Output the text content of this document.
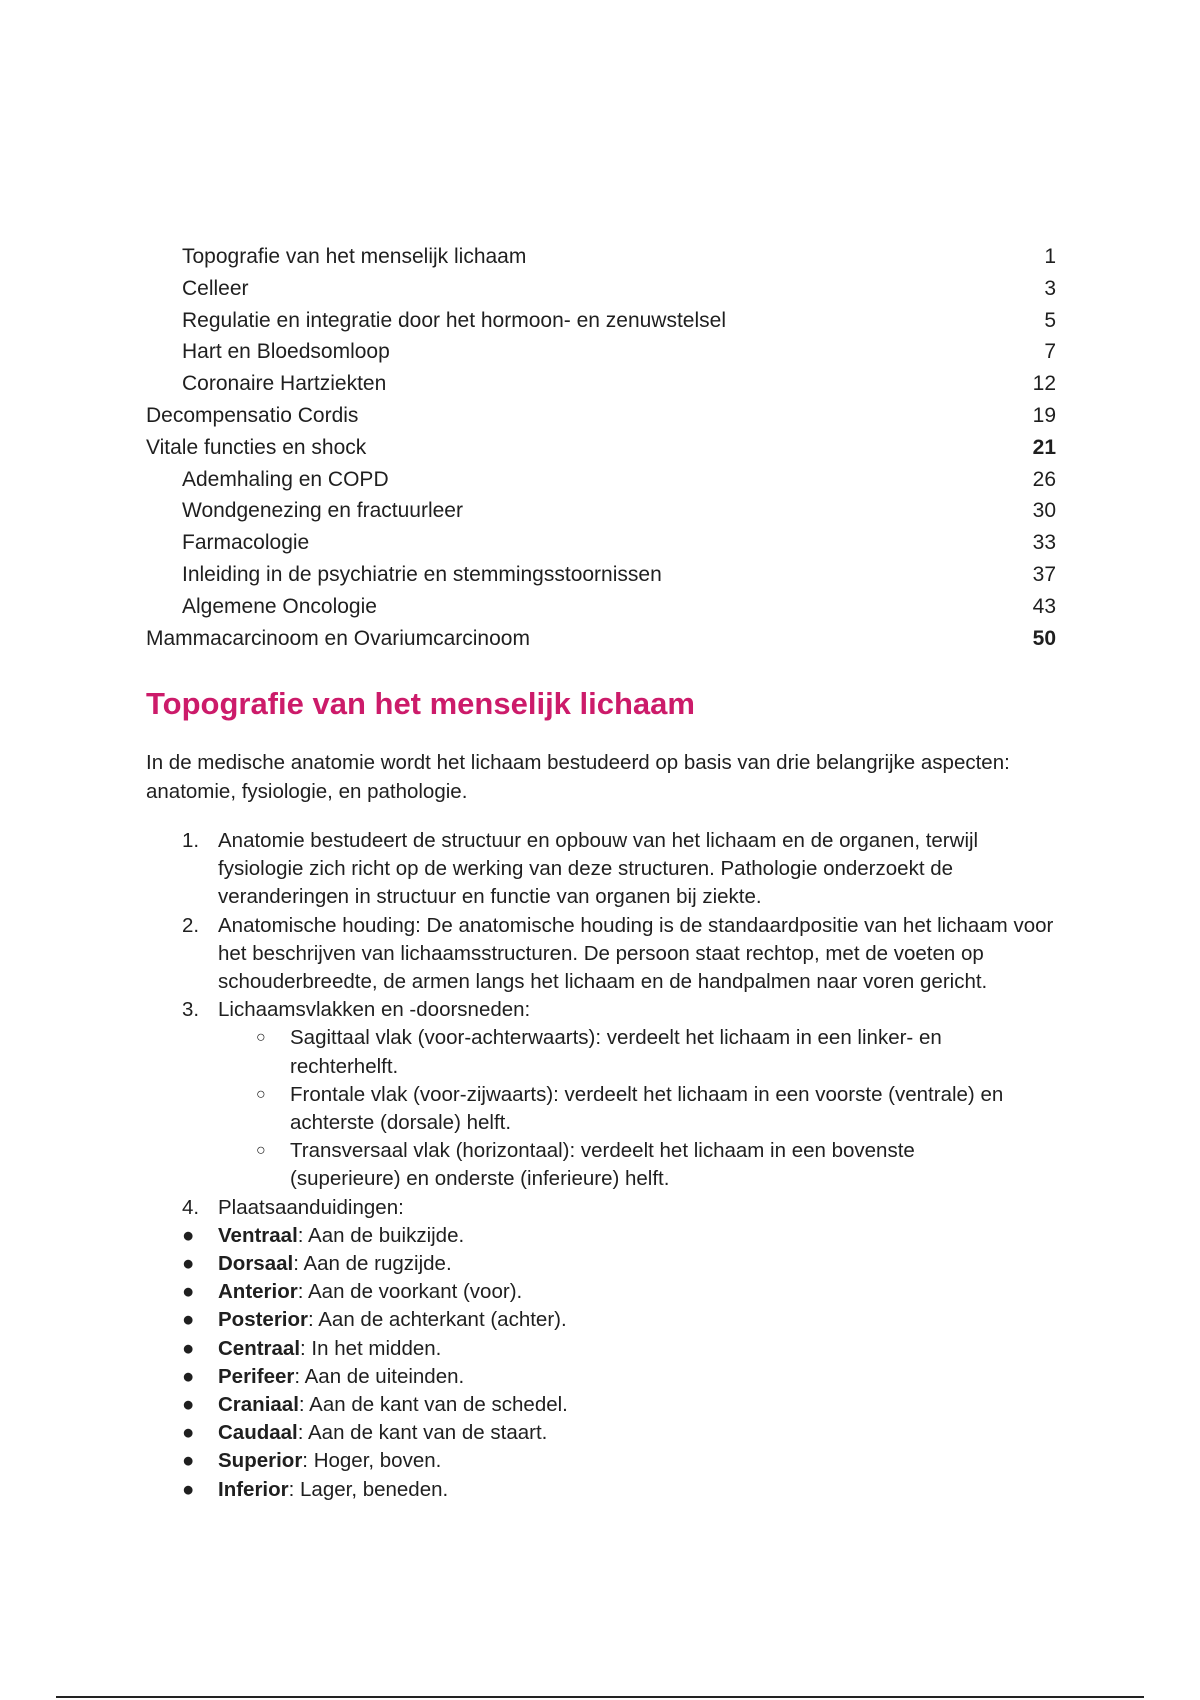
Topografie van het menselijk lichaam	1
Celleer	3
Regulatie en integratie door het hormoon- en zenuwstelsel	5
Hart en Bloedsomloop	7
Coronaire Hartziekten	12
Decompensatio Cordis	19
Vitale functies en shock	21
Ademhaling en COPD	26
Wondgenezing en fractuurleer	30
Farmacologie	33
Inleiding in de psychiatrie en stemmingsstoornissen	37
Algemene Oncologie	43
Mammacarcinoom en Ovariumcarcinoom	50
Topografie van het menselijk lichaam

In de medische anatomie wordt het lichaam bestudeerd op basis van drie belangrijke aspecten: anatomie, fysiologie, en pathologie.

1. Anatomie bestudeert de structuur en opbouw van het lichaam en de organen, terwijl fysiologie zich richt op de werking van deze structuren. Pathologie onderzoekt de veranderingen in structuur en functie van organen bij ziekte.
2. Anatomische houding: De anatomische houding is de standaardpositie van het lichaam voor het beschrijven van lichaamsstructuren. De persoon staat rechtop, met de voeten op schouderbreedte, de armen langs het lichaam en de handpalmen naar voren gericht.
3. Lichaamsvlakken en -doorsneden:
○ Sagittaal vlak (voor-achterwaarts): verdeelt het lichaam in een linker- en rechterhelft.
○ Frontale vlak (voor-zijwaarts): verdeelt het lichaam in een voorste (ventrale) en achterste (dorsale) helft.
○ Transversaal vlak (horizontaal): verdeelt het lichaam in een bovenste (superieure) en onderste (inferieure) helft.
4. Plaatsaanduidingen:
● Ventraal: Aan de buikzijde.
● Dorsaal: Aan de rugzijde.
● Anterior: Aan de voorkant (voor).
● Posterior: Aan de achterkant (achter).
● Centraal: In het midden.
● Perifeer: Aan de uiteinden.
● Craniaal: Aan de kant van de schedel.
● Caudaal: Aan de kant van de staart.
● Superior: Hoger, boven.
● Inferior: Lager, beneden.
